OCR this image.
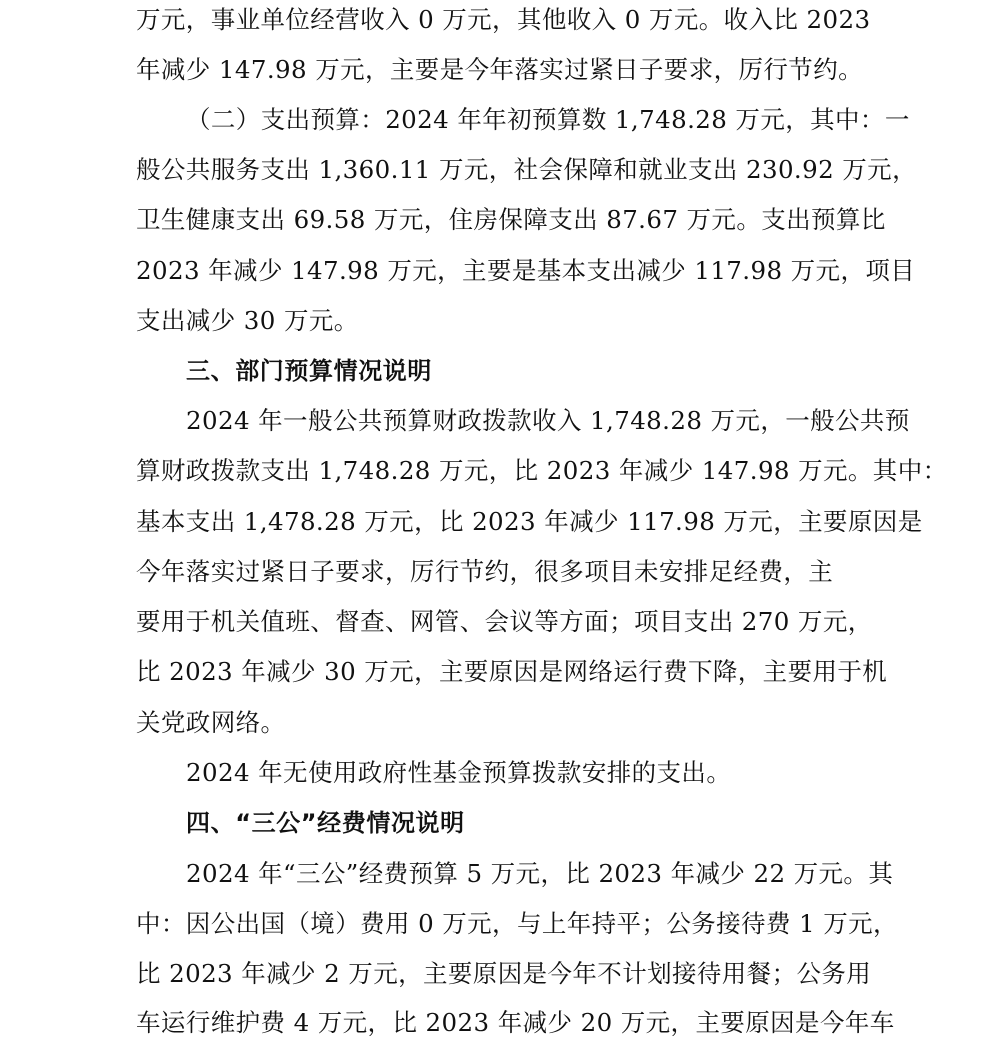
万元，事业单位经营收入 0 万元，其他收入 0 万元。收入比 2023
年减少 147.98 万元，主要是今年落实过紧日子要求，厉行节约。
（二）支出预算：2024 年年初预算数 1,748.28 万元，其中：一
般公共服务支出 1,360.11 万元，社会保障和就业支出 230.92 万元，
卫生健康支出 69.58 万元，住房保障支出 87.67 万元。支出预算比
2023 年减少 147.98 万元，主要是基本支出减少 117.98 万元，项目
支出减少 30 万元。
三、部门预算情况说明
2024 年一般公共预算财政拨款收入 1,748.28 万元，一般公共预
算财政拨款支出 1,748.28 万元，比 2023 年减少 147.98 万元。其中：
基本支出 1,478.28 万元，比 2023 年减少 117.98 万元，主要原因是
今年落实过紧日子要求，厉行节约，很多项目未安排足经费，主
要用于机关值班、督查、网管、会议等方面；项目支出 270 万元，
比 2023 年减少 30 万元，主要原因是网络运行费下降，主要用于机
关党政网络。
2024 年无使用政府性基金预算拨款安排的支出。
四、“三公”经费情况说明
2024 年“三公”经费预算 5 万元，比 2023 年减少 22 万元。其
中：因公出国（境）费用 0 万元，与上年持平；公务接待费 1 万元，
比 2023 年减少 2 万元，主要原因是今年不计划接待用餐；公务用
车运行维护费 4 万元，比 2023 年减少 20 万元，主要原因是今年车
